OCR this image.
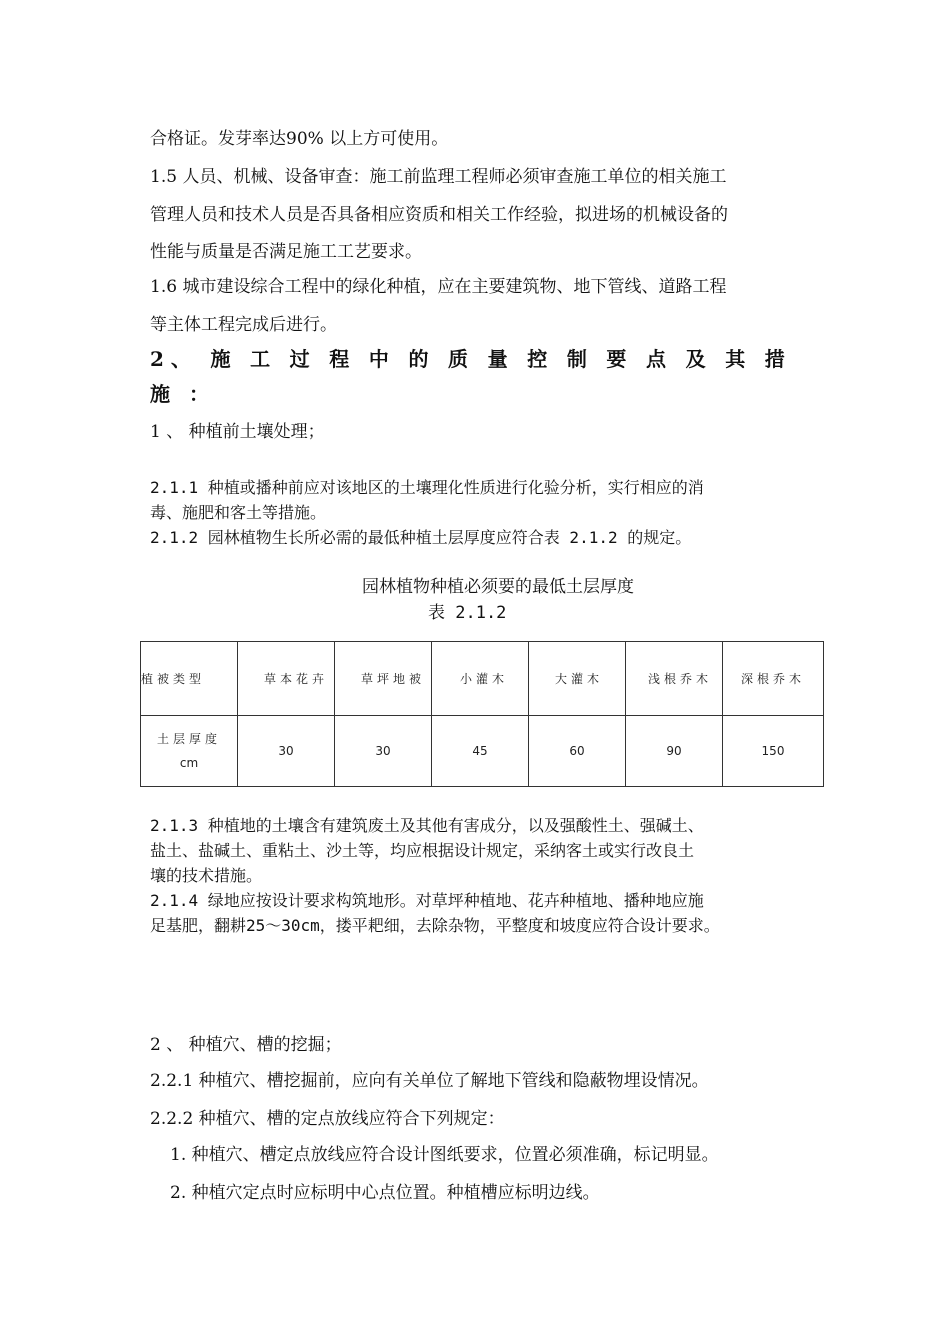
合格证。发芽率达90% 以上方可使用。
1.5 人员、机械、设备审查：施工前监理工程师必须审查施工单位的相关施工
管理人员和技术人员是否具备相应资质和相关工作经验，拟进场的机械设备的
性能与质量是否满足施工工艺要求。
1.6 城市建设综合工程中的绿化种植，应在主要建筑物、地下管线、道路工程
等主体工程完成后进行。
2 、 施 工 过 程 中 的 质 量 控 制 要 点 及 其 措
施 ：
1 、 种植前土壤处理；
2.1.1 种植或播种前应对该地区的土壤理化性质进行化验分析，实行相应的消
毒、施肥和客土等措施。
2.1.2 园林植物生长所必需的最低种植土层厚度应符合表 2.1.2 的规定。
园林植物种植必须要的最低土层厚度
表 2.1.2
植被类型	草本花卉	草坪地被	小灌木	大灌木	浅根乔木	深根乔木

土层厚度
cm	30	30	45	60	90	150
2.1.3 种植地的土壤含有建筑废土及其他有害成分，以及强酸性土、强碱土、
盐土、盐碱土、重粘土、沙土等，均应根据设计规定，采纳客土或实行改良土
壤的技术措施。
2.1.4 绿地应按设计要求构筑地形。对草坪种植地、花卉种植地、播种地应施
足基肥，翻耕25～30cm，搂平耙细，去除杂物，平整度和坡度应符合设计要求。
2 、 种植穴、槽的挖掘；
2.2.1 种植穴、槽挖掘前，应向有关单位了解地下管线和隐蔽物埋设情况。
2.2.2 种植穴、槽的定点放线应符合下列规定：
1. 种植穴、槽定点放线应符合设计图纸要求，位置必须准确，标记明显。
2. 种植穴定点时应标明中心点位置。种植槽应标明边线。
